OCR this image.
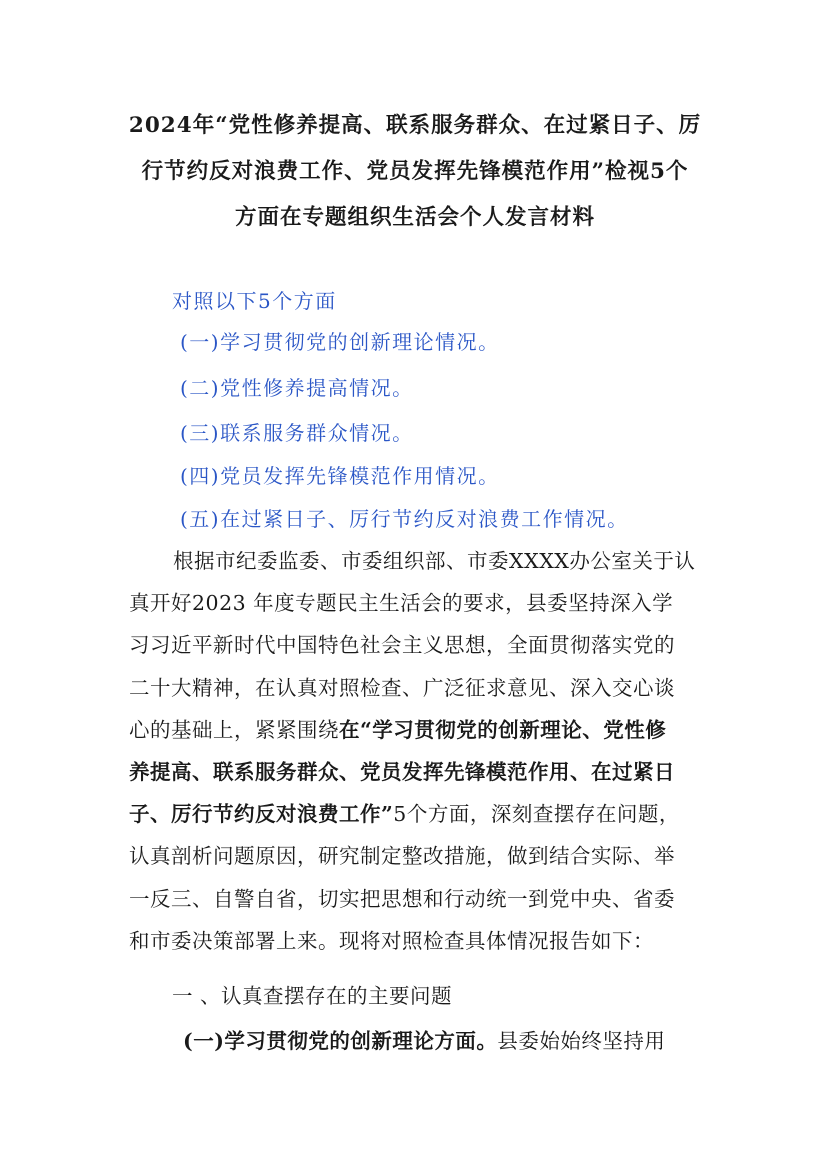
2024年“党性修养提高、联系服务群众、在过紧日子、厉
行节约反对浪费工作、党员发挥先锋模范作用”检视5个
方面在专题组织生活会个人发言材料
对照以下5个方面
(一)学习贯彻党的创新理论情况。
(二)党性修养提高情况。
(三)联系服务群众情况。
(四)党员发挥先锋模范作用情况。
(五)在过紧日子、厉行节约反对浪费工作情况。
根据市纪委监委、市委组织部、市委XXXX办公室关于认
真开好2023 年度专题民主生活会的要求，县委坚持深入学
习习近平新时代中国特色社会主义思想，全面贯彻落实党的
二十大精神，在认真对照检查、广泛征求意见、深入交心谈
心的基础上，紧紧围绕在“学习贯彻党的创新理论、党性修
养提高、联系服务群众、党员发挥先锋模范作用、在过紧日
子、厉行节约反对浪费工作”5个方面，深刻查摆存在问题，
认真剖析问题原因，研究制定整改措施，做到结合实际、举
一反三、自警自省，切实把思想和行动统一到党中央、省委
和市委决策部署上来。现将对照检查具体情况报告如下：
一 、认真查摆存在的主要问题
(一)学习贯彻党的创新理论方面。县委始始终坚持用
